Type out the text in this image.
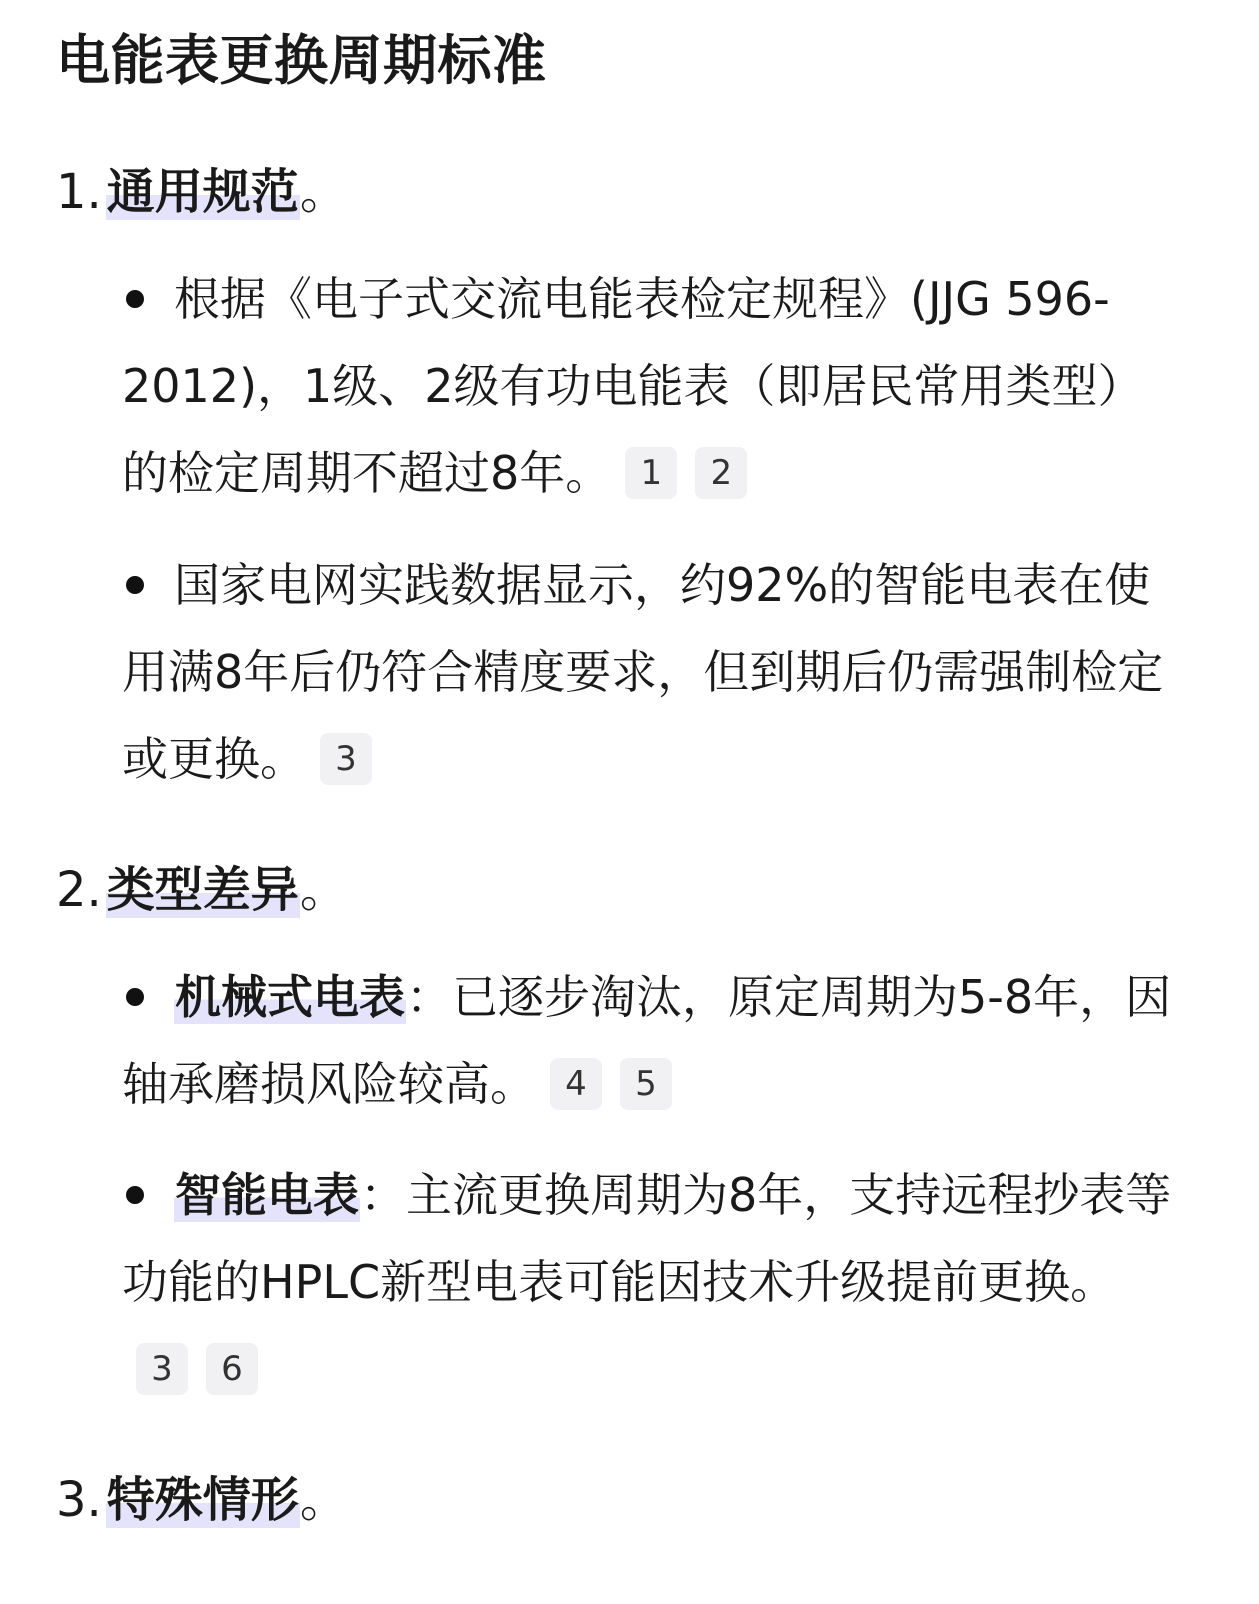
电能表更换周期标准
1. 通用规范。
根据《电子式交流电能表检定规程》(JJG 596-2012)，1级、2级有功电能表（即居民常用类型）的检定周期不超过8年。 1 2
国家电网实践数据显示，约92%的智能电表在使用满8年后仍符合精度要求，但到期后仍需强制检定或更换。 3
2. 类型差异。
机械式电表：已逐步淘汰，原定周期为5-8年，因轴承磨损风险较高。 4 5
智能电表：主流更换周期为8年，支持远程抄表等功能的HPLC新型电表可能因技术升级提前更换。3 6
3. 特殊情形。
